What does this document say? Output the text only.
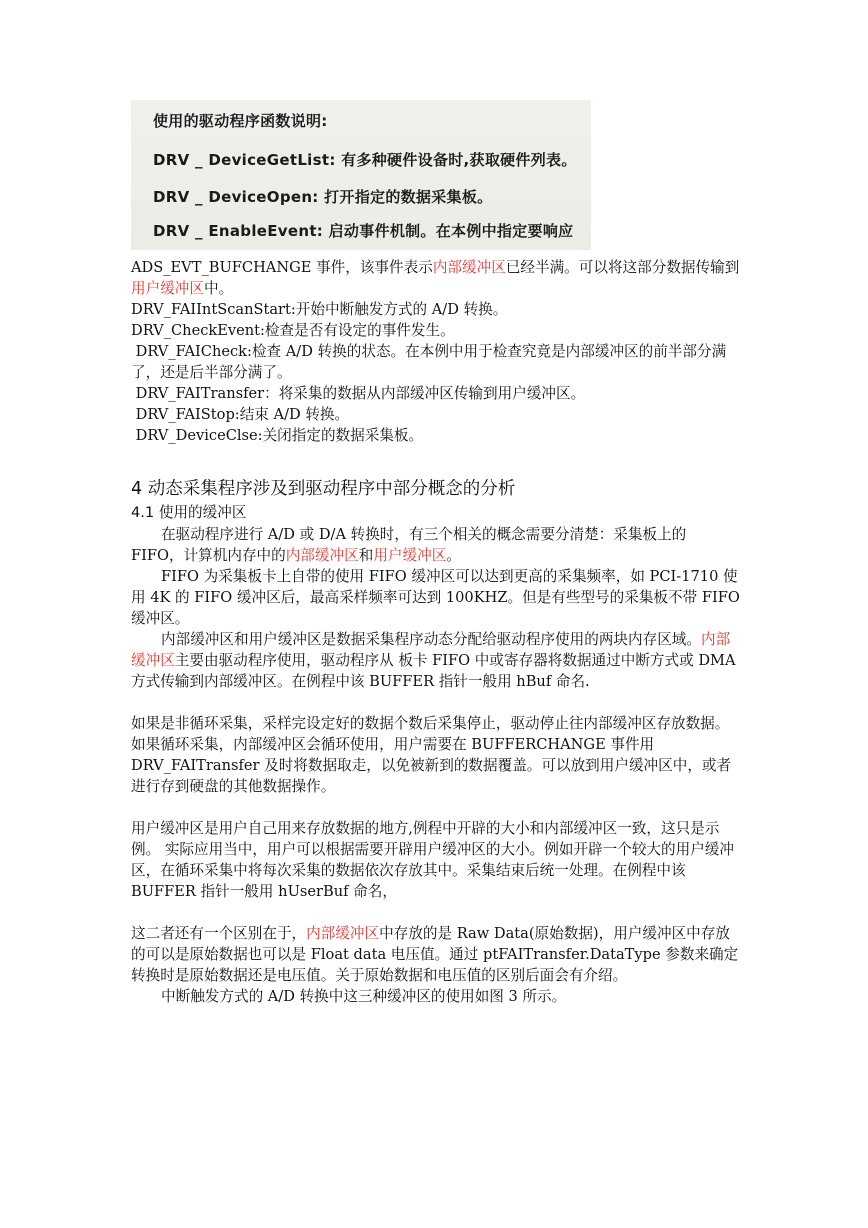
使用的驱动程序函数说明:

DRV _ DeviceGetList: 有多种硬件设备时,获取硬件列表。

DRV _ DeviceOpen: 打开指定的数据采集板。

DRV _ EnableEvent: 启动事件机制。在本例中指定要响应

ADS_EVT_BUFCHANGE 事件，该事件表示内部缓冲区已经半满。可以将这部分数据传输到用户缓冲区中。

DRV_FAIIntScanStart:开始中断触发方式的 A/D 转换。

DRV_CheckEvent:检查是否有设定的事件发生。

DRV_FAICheck:检查 A/D 转换的状态。在本例中用于检查究竟是内部缓冲区的前半部分满了，还是后半部分满了。

DRV_FAITransfer：将采集的数据从内部缓冲区传输到用户缓冲区。

DRV_FAIStop:结束 A/D 转换。

DRV_DeviceClse:关闭指定的数据采集板。

4 动态采集程序涉及到驱动程序中部分概念的分析
4.1 使用的缓冲区

在驱动程序进行 A/D 或 D/A 转换时，有三个相关的概念需要分清楚：采集板上的 FIFO，计算机内存中的内部缓冲区和用户缓冲区。

FIFO 为采集板卡上自带的使用 FIFO 缓冲区可以达到更高的采集频率，如 PCI-1710 使用 4K 的 FIFO 缓冲区后，最高采样频率可达到 100KHZ。但是有些型号的采集板不带 FIFO 缓冲区。

内部缓冲区和用户缓冲区是数据采集程序动态分配给驱动程序使用的两块内存区域。内部缓冲区主要由驱动程序使用，驱动程序从 板卡 FIFO 中或寄存器将数据通过中断方式或 DMA 方式传输到内部缓冲区。在例程中该 BUFFER 指针一般用 hBuf 命名.

如果是非循环采集，采样完设定好的数据个数后采集停止，驱动停止往内部缓冲区存放数据。如果循环采集，内部缓冲区会循环使用，用户需要在 BUFFERCHANGE 事件用 DRV_FAITransfer 及时将数据取走，以免被新到的数据覆盖。可以放到用户缓冲区中，或者进行存到硬盘的其他数据操作。

用户缓冲区是用户自己用来存放数据的地方,例程中开辟的大小和内部缓冲区一致，这只是示例。 实际应用当中，用户可以根据需要开辟用户缓冲区的大小。例如开辟一个较大的用户缓冲区，在循环采集中将每次采集的数据依次存放其中。采集结束后统一处理。在例程中该 BUFFER 指针一般用 hUserBuf 命名，

这二者还有一个区别在于，内部缓冲区中存放的是 Raw Data(原始数据)，用户缓冲区中存放的可以是原始数据也可以是 Float data 电压值。通过 ptFAITransfer.DataType 参数来确定转换时是原始数据还是电压值。关于原始数据和电压值的区别后面会有介绍。

中断触发方式的 A/D 转换中这三种缓冲区的使用如图 3 所示。
